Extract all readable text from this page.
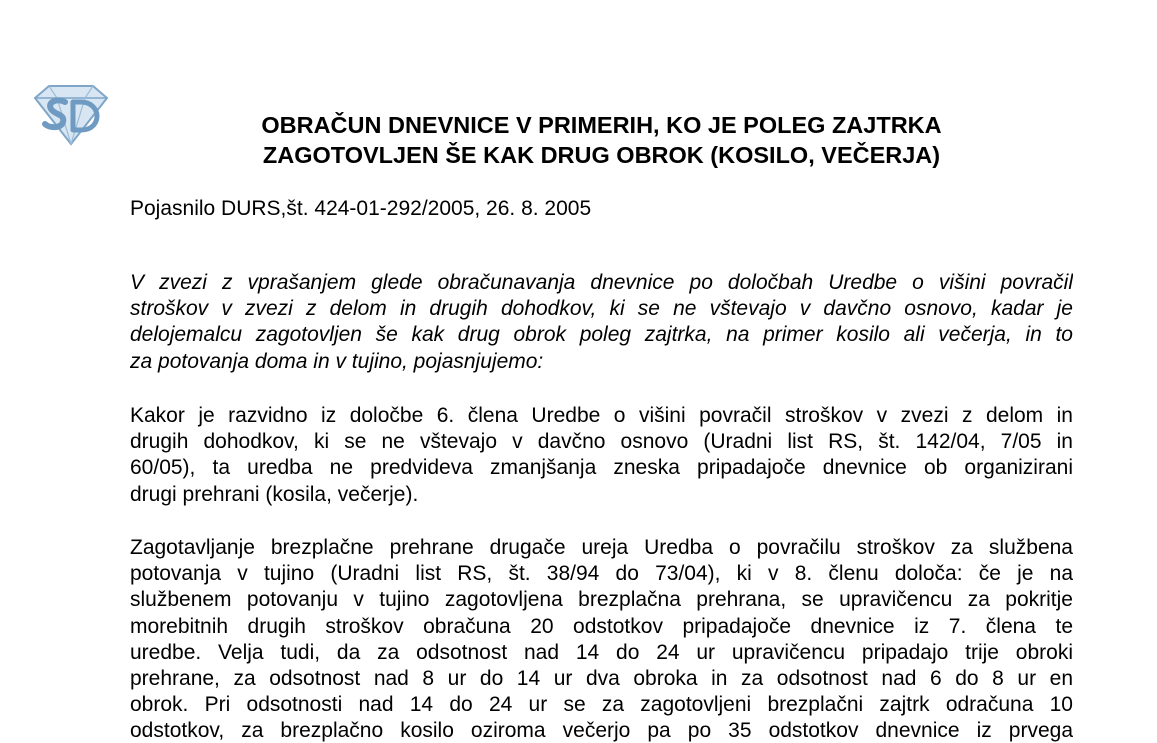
OBRAČUN DNEVNICE V PRIMERIH, KO JE POLEG ZAJTRKA
ZAGOTOVLJEN ŠE KAK DRUG OBROK (KOSILO, VEČERJA)

Pojasnilo DURS,št. 424-01-292/2005, 26. 8. 2005

V zvezi z vprašanjem glede obračunavanja dnevnice po določbah Uredbe o višini povračil
stroškov v zvezi z delom in drugih dohodkov, ki se ne vštevajo v davčno osnovo, kadar je
delojemalcu zagotovljen še kak drug obrok poleg zajtrka, na primer kosilo ali večerja, in to
za potovanja doma in v tujino, pojasnjujemo:

Kakor je razvidno iz določbe 6. člena Uredbe o višini povračil stroškov v zvezi z delom in
drugih dohodkov, ki se ne vštevajo v davčno osnovo (Uradni list RS, št. 142/04, 7/05 in
60/05), ta uredba ne predvideva zmanjšanja zneska pripadajoče dnevnice ob organizirani
drugi prehrani (kosila, večerje).

Zagotavljanje brezplačne prehrane drugače ureja Uredba o povračilu stroškov za službena
potovanja v tujino (Uradni list RS, št. 38/94 do 73/04), ki v 8. členu določa: če je na
službenem potovanju v tujino zagotovljena brezplačna prehrana, se upravičencu za pokritje
morebitnih drugih stroškov obračuna 20 odstotkov pripadajoče dnevnice iz 7. člena te
uredbe. Velja tudi, da za odsotnost nad 14 do 24 ur upravičencu pripadajo trije obroki
prehrane, za odsotnost nad 8 ur do 14 ur dva obroka in za odsotnost nad 6 do 8 ur en
obrok. Pri odsotnosti nad 14 do 24 ur se za zagotovljeni brezplačni zajtrk odračuna 10
odstotkov, za brezplačno kosilo oziroma večerjo pa po 35 odstotkov dnevnice iz prvega
